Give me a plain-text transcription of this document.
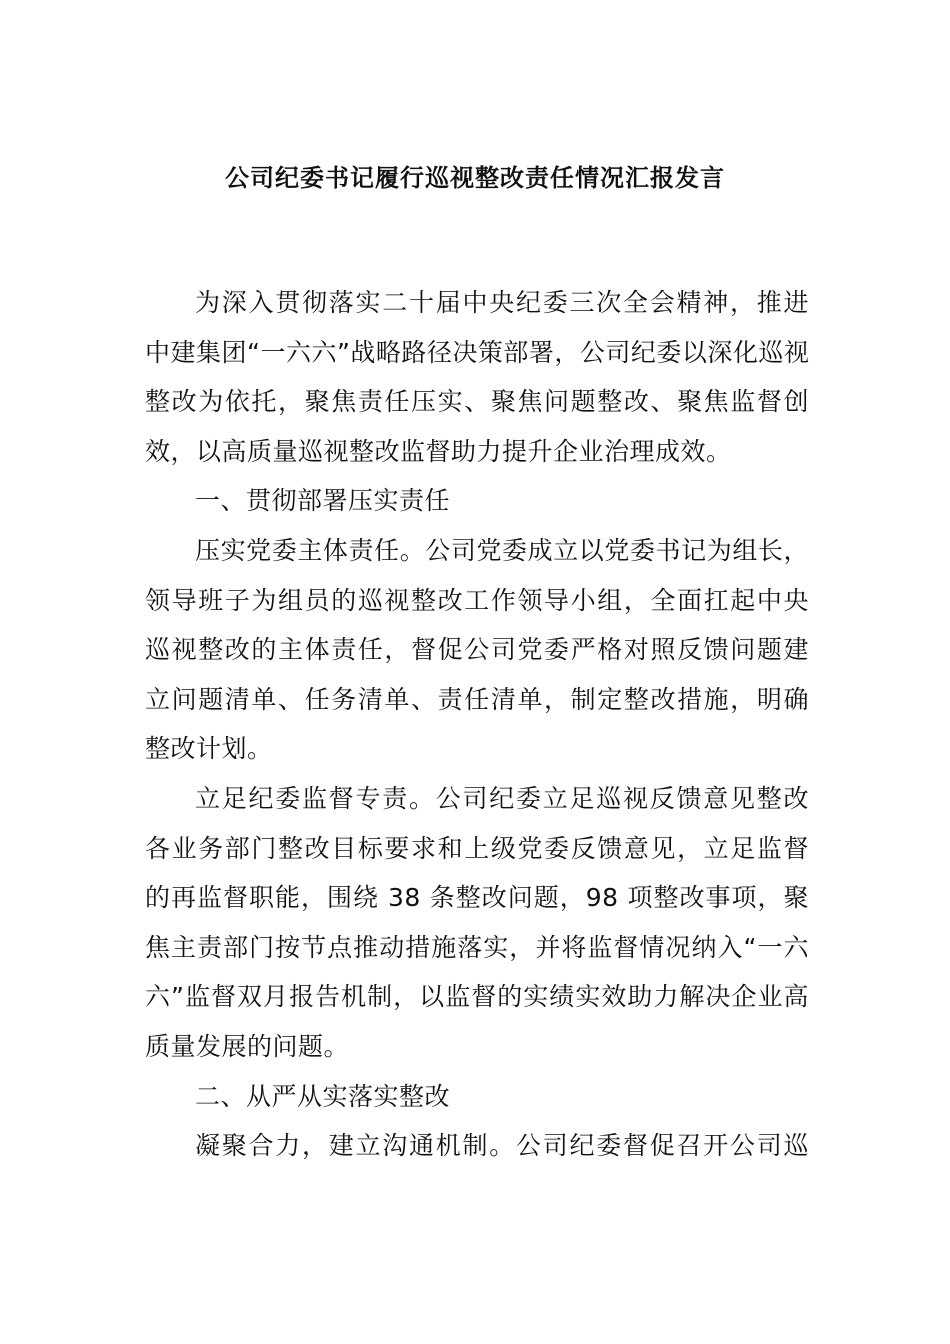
公司纪委书记履行巡视整改责任情况汇报发言
为深入贯彻落实二十届中央纪委三次全会精神，推进
中建集团“一六六”战略路径决策部署，公司纪委以深化巡视
整改为依托，聚焦责任压实、聚焦问题整改、聚焦监督创
效，以高质量巡视整改监督助力提升企业治理成效。
一、贯彻部署压实责任
压实党委主体责任。公司党委成立以党委书记为组长，
领导班子为组员的巡视整改工作领导小组，全面扛起中央
巡视整改的主体责任，督促公司党委严格对照反馈问题建
立问题清单、任务清单、责任清单，制定整改措施，明确
整改计划。
立足纪委监督专责。公司纪委立足巡视反馈意见整改
各业务部门整改目标要求和上级党委反馈意见，立足监督
的再监督职能，围绕 38 条整改问题，98 项整改事项，聚
焦主责部门按节点推动措施落实，并将监督情况纳入“一六
六”监督双月报告机制，以监督的实绩实效助力解决企业高
质量发展的问题。
二、从严从实落实整改
凝聚合力，建立沟通机制。公司纪委督促召开公司巡
